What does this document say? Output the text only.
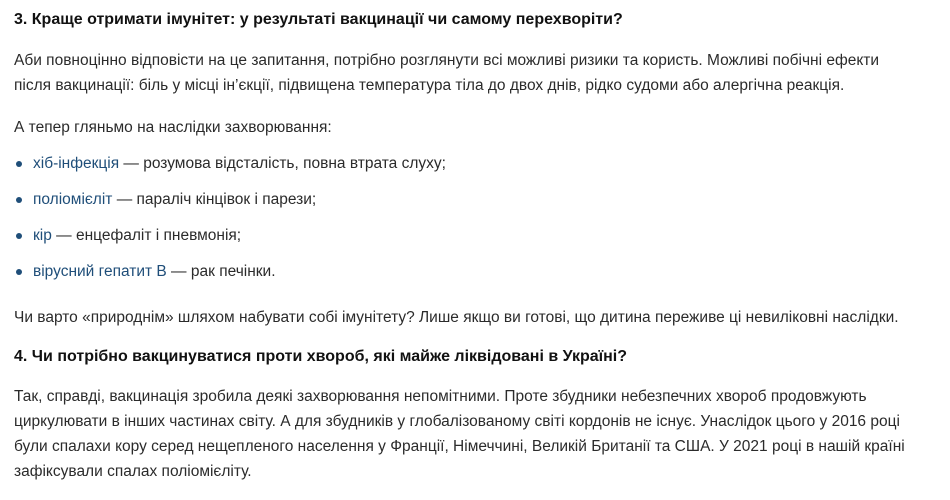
3. Краще отримати імунітет: у результаті вакцинації чи самому перехворіти?

Аби повноцінно відповісти на це запитання, потрібно розглянути всі можливі ризики та користь. Можливі побічні ефекти

після вакцинації: біль у місці ін’єкції, підвищена температура тіла до двох днів, рідко судоми або алергічна реакція.

А тепер гляньмо на наслідки захворювання:

хіб-інфекція — розумова відсталість, повна втрата слуху;
поліомієліт — параліч кінцівок і парези;
кір — енцефаліт і пневмонія;
вірусний гепатит В — рак печінки.

Чи варто «природнім» шляхом набувати собі імунітету? Лише якщо ви готові, що дитина переживе ці невиліковні наслідки.

4. Чи потрібно вакцинуватися проти хвороб, які майже ліквідовані в Україні?

Так, справді, вакцинація зробила деякі захворювання непомітними. Проте збудники небезпечних хвороб продовжують

циркулювати в інших частинах світу. А для збудників у глобалізованому світі кордонів не існує. Унаслідок цього у 2016 році

були спалахи кору серед нещепленого населення у Франції, Німеччині, Великій Британії та США. У 2021 році в нашій країні

зафіксували спалах поліомієліту.
